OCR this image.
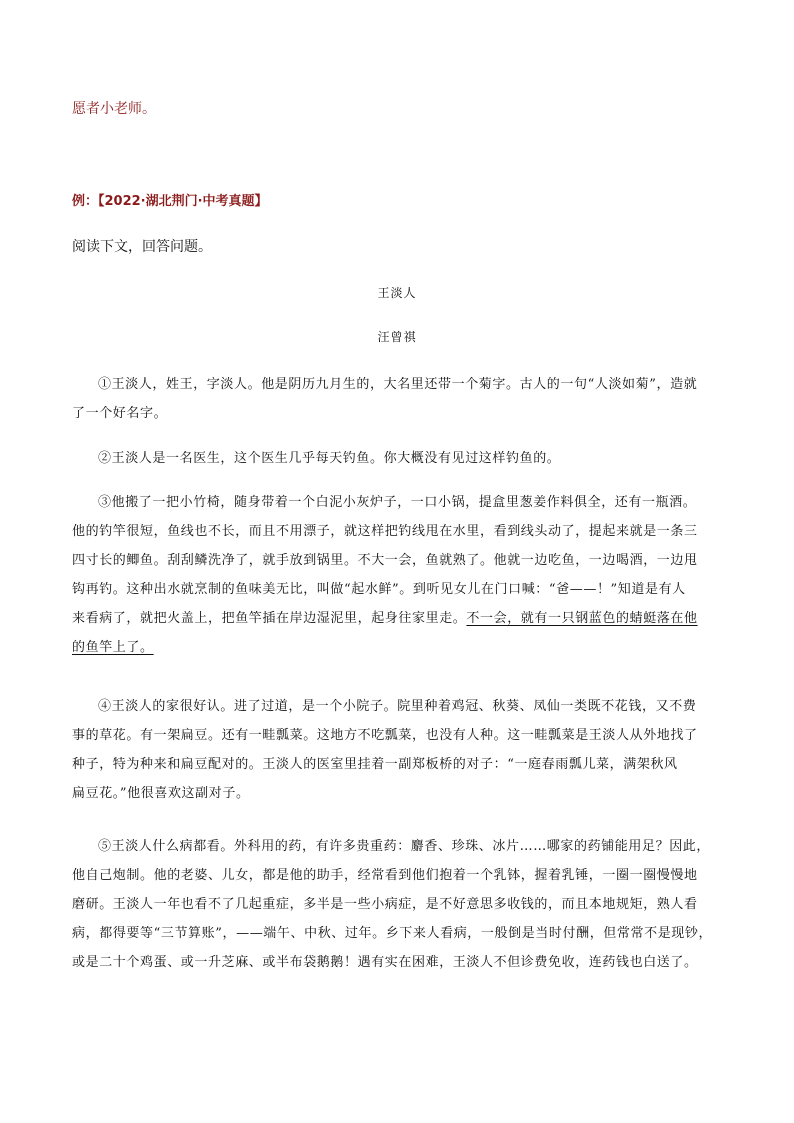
愿者小老师。
例：【2022·湖北荆门·中考真题】
阅读下文，回答问题。
王淡人
汪曾祺
①王淡人，姓王，字淡人。他是阴历九月生的，大名里还带一个菊字。古人的一句“人淡如菊”，造就
了一个好名字。
②王淡人是一名医生，这个医生几乎每天钓鱼。你大概没有见过这样钓鱼的。
③他搬了一把小竹椅，随身带着一个白泥小灰炉子，一口小锅，提盒里葱姜作料俱全，还有一瓶酒。
他的钓竿很短，鱼线也不长，而且不用漂子，就这样把钓线甩在水里，看到线头动了，提起来就是一条三
四寸长的鲫鱼。刮刮鳞洗净了，就手放到锅里。不大一会，鱼就熟了。他就一边吃鱼，一边喝酒，一边甩
钩再钓。这种出水就烹制的鱼味美无比，叫做“起水鲜”。到听见女儿在门口喊：“爸——！”知道是有人
来看病了，就把火盖上，把鱼竿插在岸边湿泥里，起身往家里走。不一会，就有一只钢蓝色的蜻蜓落在他
的鱼竿上了。
④王淡人的家很好认。进了过道，是一个小院子。院里种着鸡冠、秋葵、凤仙一类既不花钱，又不费
事的草花。有一架扁豆。还有一畦瓢菜。这地方不吃瓢菜，也没有人种。这一畦瓢菜是王淡人从外地找了
种子，特为种来和扁豆配对的。王淡人的医室里挂着一副郑板桥的对子：“一庭春雨瓢儿菜，满架秋风
扁豆花。”他很喜欢这副对子。
⑤王淡人什么病都看。外科用的药，有许多贵重药：麝香、珍珠、冰片……哪家的药铺能用足？因此，
他自己炮制。他的老婆、儿女，都是他的助手，经常看到他们抱着一个乳钵，握着乳锤，一圈一圈慢慢地
磨研。王淡人一年也看不了几起重症，多半是一些小病症，是不好意思多收钱的，而且本地规矩，熟人看
病，都得要等“三节算账”，——端午、中秋、过年。乡下来人看病，一般倒是当时付酬，但常常不是现钞，
或是二十个鸡蛋、或一升芝麻、或半布袋鹅鹅！遇有实在困难，王淡人不但诊费免收，连药钱也白送了。
